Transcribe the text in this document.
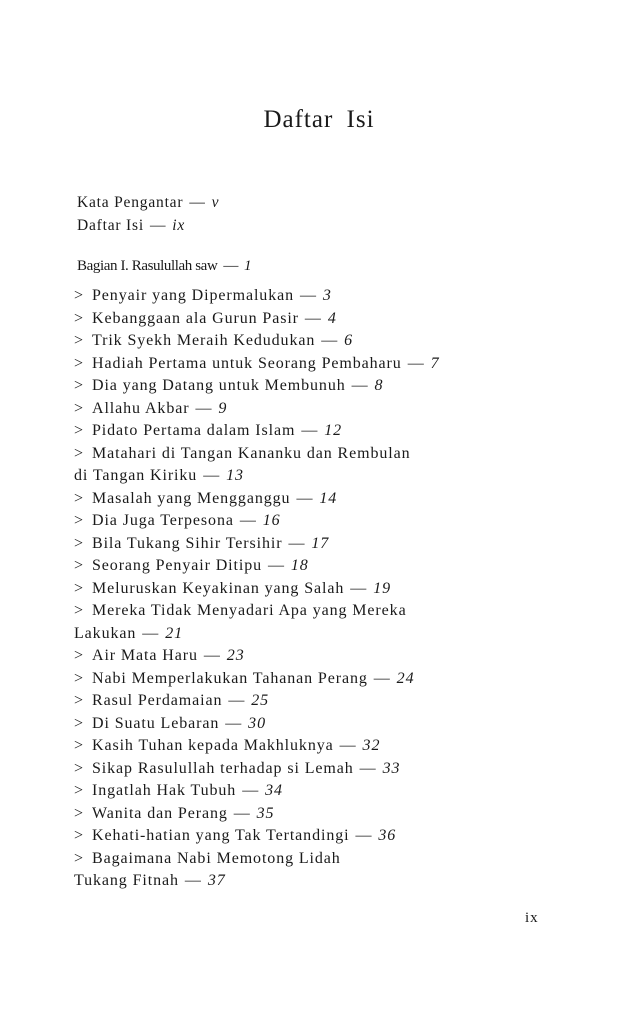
Daftar Isi
Kata Pengantar — v
Daftar Isi — ix
Bagian I. Rasulullah saw — 1
> Penyair yang Dipermalukan — 3
> Kebanggaan ala Gurun Pasir — 4
> Trik Syekh Meraih Kedudukan — 6
> Hadiah Pertama untuk Seorang Pembaharu — 7
> Dia yang Datang untuk Membunuh — 8
> Allahu Akbar — 9
> Pidato Pertama dalam Islam — 12
> Matahari di Tangan Kananku dan Rembulan
di Tangan Kiriku — 13
> Masalah yang Mengganggu — 14
> Dia Juga Terpesona — 16
> Bila Tukang Sihir Tersihir — 17
> Seorang Penyair Ditipu — 18
> Meluruskan Keyakinan yang Salah — 19
> Mereka Tidak Menyadari Apa yang Mereka
Lakukan — 21
> Air Mata Haru — 23
> Nabi Memperlakukan Tahanan Perang — 24
> Rasul Perdamaian — 25
> Di Suatu Lebaran — 30
> Kasih Tuhan kepada Makhluknya — 32
> Sikap Rasulullah terhadap si Lemah — 33
> Ingatlah Hak Tubuh — 34
> Wanita dan Perang — 35
> Kehati-hatian yang Tak Tertandingi — 36
> Bagaimana Nabi Memotong Lidah
Tukang Fitnah — 37
ix
